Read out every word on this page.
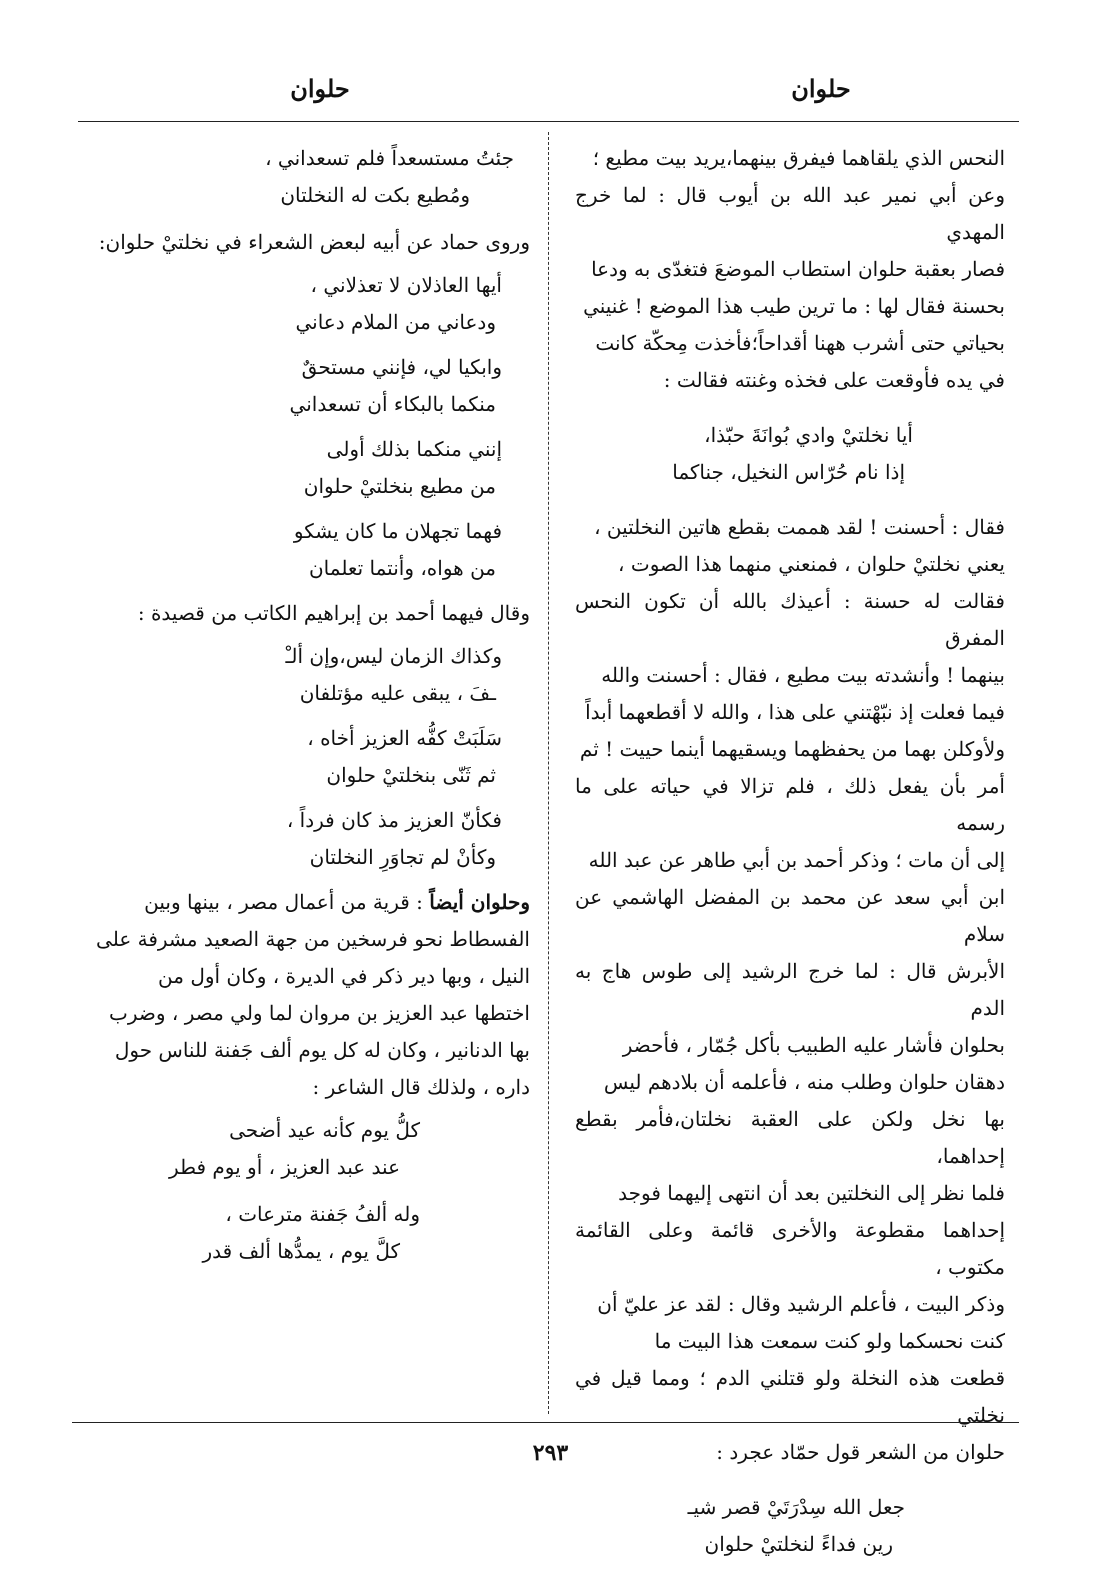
حلوان
حلوان

النحس الذي يلقاهما فيفرق بينهما،يريد بيت مطيع ؛
وعن أبي نمير عبد الله بن أيوب قال : لما خرج المهدي
فصار بعقبة حلوان استطاب الموضعَ فتغدّى به ودعا
بحسنة فقال لها : ما ترين طيب هذا الموضع ! غنيني
بحياتي حتى أشرب ههنا أقداحاً؛فأخذت مِحكّة كانت
في يده فأوقعت على فخذه وغنته فقالت :

أيا نخلتيْ وادي بُوانَةَ حبّذا،
إذا نام حُرّاس النخيل، جناكما

فقال : أحسنت ! لقد هممت بقطع هاتين النخلتين ،
يعني نخلتيْ حلوان ، فمنعني منهما هذا الصوت ،
فقالت له حسنة : أعيذك بالله أن تكون النحس المفرق
بينهما ! وأنشدته بيت مطيع ، فقال : أحسنت والله
فيما فعلت إذ نبّهْتني على هذا ، والله لا أقطعهما أبداً
ولأوكلن بهما من يحفظهما ويسقيهما أينما حييت ! ثم
أمر بأن يفعل ذلك ، فلم تزالا في حياته على ما رسمه
إلى أن مات ؛ وذكر أحمد بن أبي طاهر عن عبد الله
ابن أبي سعد عن محمد بن المفضل الهاشمي عن سلام
الأبرش قال : لما خرج الرشيد إلى طوس هاج به الدم
بحلوان فأشار عليه الطبيب بأكل جُمّار ، فأحضر
دهقان حلوان وطلب منه ، فأعلمه أن بلادهم ليس
بها نخل ولكن على العقبة نخلتان،فأمر بقطع إحداهما،
فلما نظر إلى النخلتين بعد أن انتهى إليهما فوجد
إحداهما مقطوعة والأخرى قائمة وعلى القائمة مكتوب ،
وذكر البيت ، فأعلم الرشيد وقال : لقد عز عليّ أن
كنت نحسكما ولو كنت سمعت هذا البيت ما
قطعت هذه النخلة ولو قتلني الدم ؛ ومما قيل في نخلتي
حلوان من الشعر قول حمّاد عجرد :

جعل الله سِدْرَتَيْ قصر شيـ
رين فداءً لنخلتيْ حلوان
جئتُ مستسعداً فلم تسعداني ،
ومُطيع بكت له النخلتان

وروى حماد عن أبيه لبعض الشعراء في نخلتيْ حلوان:

أيها العاذلان لا تعذلاني ،
ودعاني من الملام دعاني
وابكيا لي، فإنني مستحقٌ
منكما بالبكاء أن تسعداني
إنني منكما بذلك أولى
من مطيع بنخلتيْ حلوان
فهما تجهلان ما كان يشكو
من هواه، وأنتما تعلمان

وقال فيهما أحمد بن إبراهيم الكاتب من قصيدة :

وكذاك الزمان ليس،وإن ألـْ
ـفَ ، يبقى عليه مؤتلفان
سَلَبَتْ كفُّه العزيز أخاه ،
ثم ثَنّى بنخلتيْ حلوان
فكأنّ العزيز مذ كان فرداً ،
وكأنْ لم تجاوَرِ النخلتان

وحلوان أيضاً : قرية من أعمال مصر ، بينها وبين
الفسطاط نحو فرسخين من جهة الصعيد مشرفة على
النيل ، وبها دير ذكر في الديرة ، وكان أول من
اختطها عبد العزيز بن مروان لما ولي مصر ، وضرب
بها الدنانير ، وكان له كل يوم ألف جَفنة للناس حول
داره ، ولذلك قال الشاعر :

كلُّ يوم كأنه عيد أضحى
عند عبد العزيز ، أو يوم فطر
وله ألفُ جَفنة مترعات ،
كلَّ يوم ، يمدُّها ألف قدر
٢٩٣
